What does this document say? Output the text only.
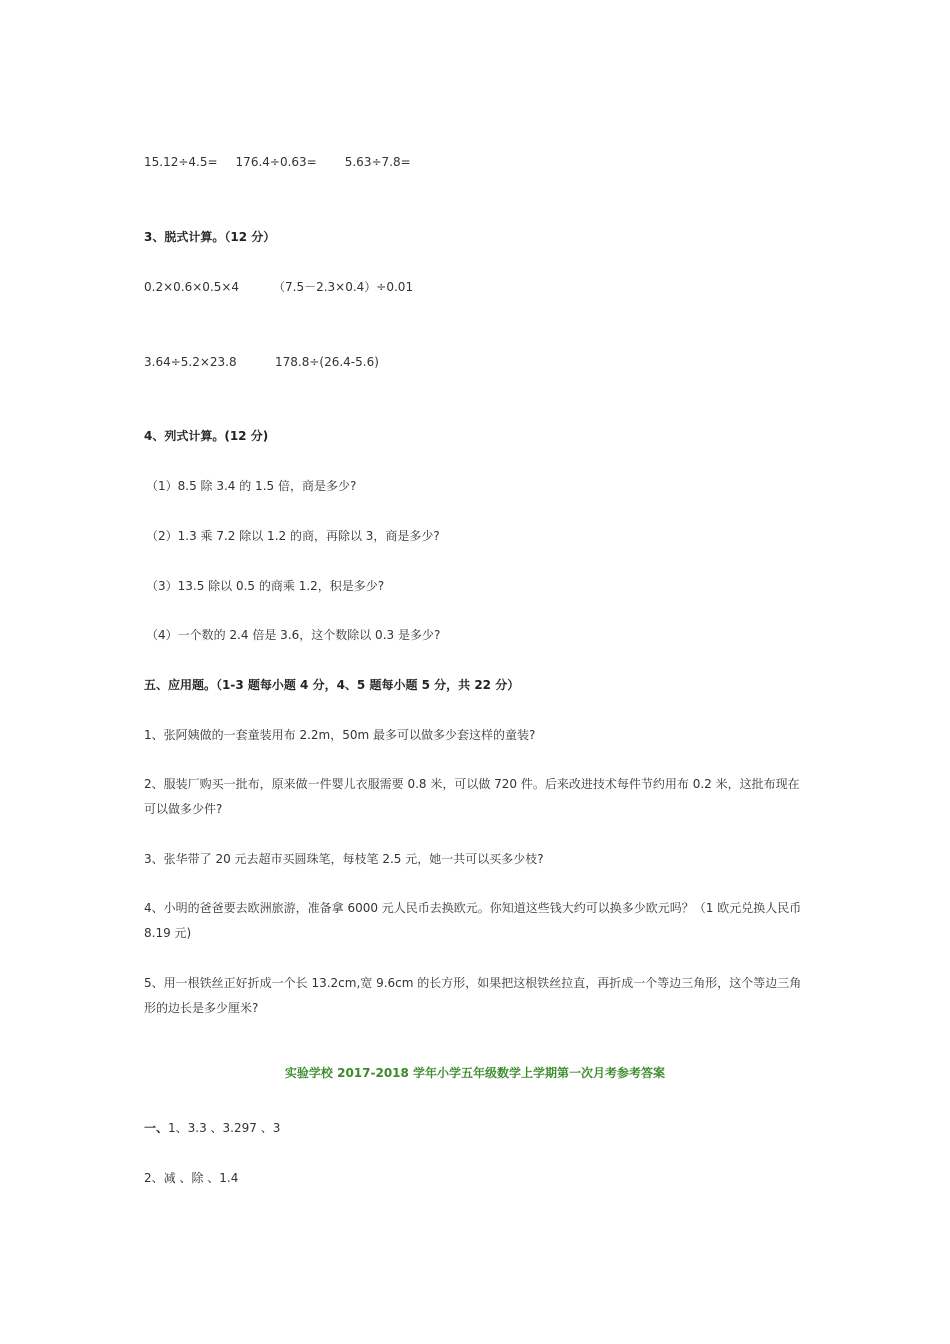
15.12÷4.5= 176.4÷0.63= 5.63÷7.8=
3、脱式计算。（12 分）
0.2×0.6×0.5×4	（7.5－2.3×0.4）÷0.01
3.64÷5.2×23.8	178.8÷(26.4-5.6)
4、列式计算。(12 分)
（1）8.5 除 3.4 的 1.5 倍，商是多少?
（2）1.3 乘 7.2 除以 1.2 的商，再除以 3，商是多少?
（3）13.5 除以 0.5 的商乘 1.2，积是多少?
（4）一个数的 2.4 倍是 3.6，这个数除以 0.3 是多少?
五、应用题。（1-3 题每小题 4 分，4、5 题每小题 5 分，共 22 分）
1、张阿姨做的一套童装用布 2.2m，50m 最多可以做多少套这样的童装?
2、服装厂购买一批布，原来做一件婴儿衣服需要 0.8 米，可以做 720 件。后来改进技术每件节约用布 0.2 米，这批布现在可以做多少件?
3、张华带了 20 元去超市买圆珠笔，每枝笔 2.5 元，她一共可以买多少枝?
4、小明的爸爸要去欧洲旅游，准备拿 6000 元人民币去换欧元。你知道这些钱大约可以换多少欧元吗？（1 欧元兑换人民币 8.19 元)
5、用一根铁丝正好折成一个长 13.2cm,宽 9.6cm 的长方形，如果把这根铁丝拉直，再折成一个等边三角形，这个等边三角形的边长是多少厘米?
实验学校 2017-2018 学年小学五年级数学上学期第一次月考参考答案
一、1、3.3 、3.297 、3
2、减 、除 、1.4
